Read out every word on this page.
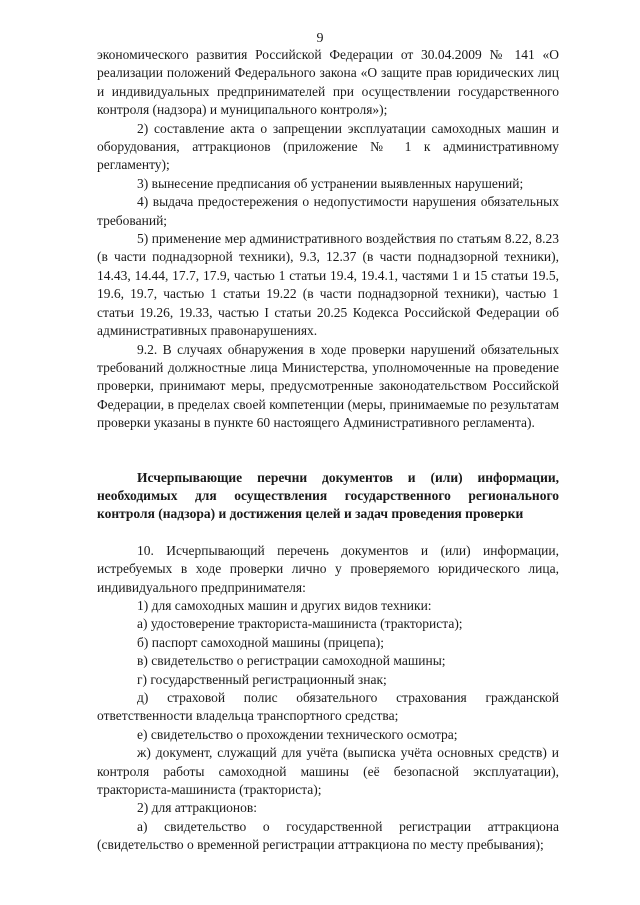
9

экономического развития Российской Федерации от 30.04.2009 № 141 «О реализации положений Федерального закона «О защите прав юридических лиц и индивидуальных предпринимателей при осуществлении государственного контроля (надзора) и муниципального контроля»);

2) составление акта о запрещении эксплуатации самоходных машин и оборудования, аттракционов (приложение № 1 к административному регламенту);

3) вынесение предписания об устранении выявленных нарушений;

4) выдача предостережения о недопустимости нарушения обязательных требований;

5) применение мер административного воздействия по статьям 8.22, 8.23 (в части поднадзорной техники), 9.3, 12.37 (в части поднадзорной техники), 14.43, 14.44, 17.7, 17.9, частью 1 статьи 19.4, 19.4.1, частями 1 и 15 статьи 19.5, 19.6, 19.7, частью 1 статьи 19.22 (в части поднадзорной техники), частью 1 статьи 19.26, 19.33, частью I статьи 20.25 Кодекса Российской Федерации об административных правонарушениях.

9.2. В случаях обнаружения в ходе проверки нарушений обязательных требований должностные лица Министерства, уполномоченные на проведение проверки, принимают меры, предусмотренные законодательством Российской Федерации, в пределах своей компетенции (меры, принимаемые по результатам проверки указаны в пункте 60 настоящего Административного регламента).

Исчерпывающие перечни документов и (или) информации, необходимых для осуществления государственного регионального контроля (надзора) и достижения целей и задач проведения проверки

10. Исчерпывающий перечень документов и (или) информации, истребуемых в ходе проверки лично у проверяемого юридического лица, индивидуального предпринимателя:

1) для самоходных машин и других видов техники:

а) удостоверение тракториста-машиниста (тракториста);

б) паспорт самоходной машины (прицепа);

в) свидетельство о регистрации самоходной машины;

г) государственный регистрационный знак;

д) страховой полис обязательного страхования гражданской ответственности владельца транспортного средства;

е) свидетельство о прохождении технического осмотра;

ж) документ, служащий для учёта (выписка учёта основных средств) и контроля работы самоходной машины (её безопасной эксплуатации), тракториста-машиниста (тракториста);

2) для аттракционов:

а) свидетельство о государственной регистрации аттракциона (свидетельство о временной регистрации аттракциона по месту пребывания);
